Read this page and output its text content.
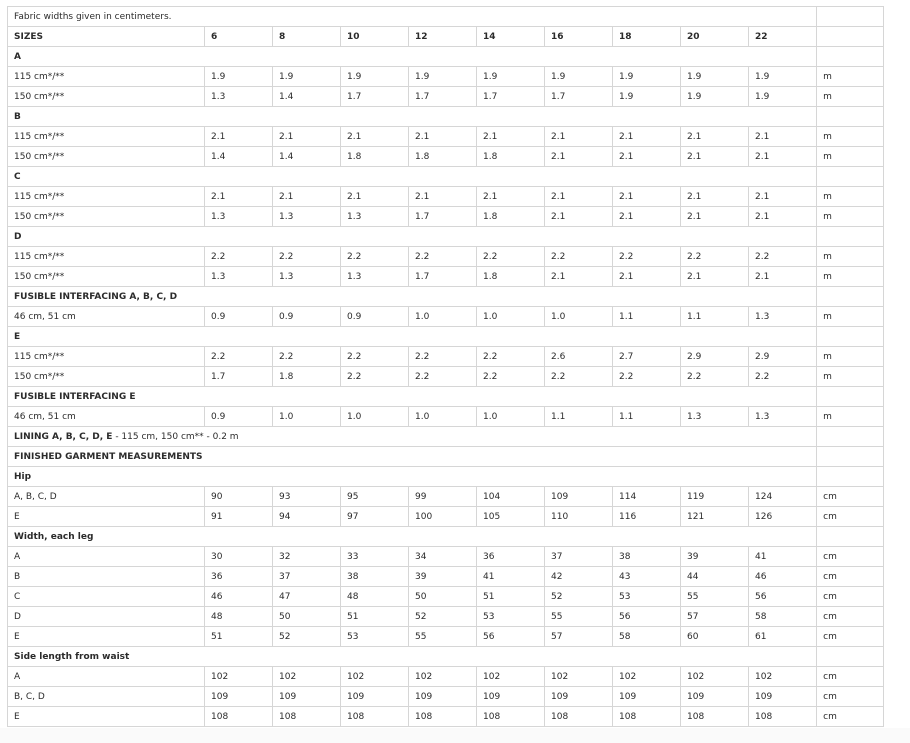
Fabric widths given in centimeters.										
SIZES	6	8	10	12	14	16	18	20	22	
A										
115 cm*/**	1.9	1.9	1.9	1.9	1.9	1.9	1.9	1.9	1.9	m
150 cm*/**	1.3	1.4	1.7	1.7	1.7	1.7	1.9	1.9	1.9	m
B										
115 cm*/**	2.1	2.1	2.1	2.1	2.1	2.1	2.1	2.1	2.1	m
150 cm*/**	1.4	1.4	1.8	1.8	1.8	2.1	2.1	2.1	2.1	m
C										
115 cm*/**	2.1	2.1	2.1	2.1	2.1	2.1	2.1	2.1	2.1	m
150 cm*/**	1.3	1.3	1.3	1.7	1.8	2.1	2.1	2.1	2.1	m
D										
115 cm*/**	2.2	2.2	2.2	2.2	2.2	2.2	2.2	2.2	2.2	m
150 cm*/**	1.3	1.3	1.3	1.7	1.8	2.1	2.1	2.1	2.1	m
FUSIBLE INTERFACING A, B, C, D										
46 cm, 51 cm	0.9	0.9	0.9	1.0	1.0	1.0	1.1	1.1	1.3	m
E										
115 cm*/**	2.2	2.2	2.2	2.2	2.2	2.6	2.7	2.9	2.9	m
150 cm*/**	1.7	1.8	2.2	2.2	2.2	2.2	2.2	2.2	2.2	m
FUSIBLE INTERFACING E										
46 cm, 51 cm	0.9	1.0	1.0	1.0	1.0	1.1	1.1	1.3	1.3	m
LINING A, B, C, D, E - 115 cm, 150 cm** - 0.2 m										
FINISHED GARMENT MEASUREMENTS										
Hip										
A, B, C, D	90	93	95	99	104	109	114	119	124	cm
E	91	94	97	100	105	110	116	121	126	cm
Width, each leg										
A	30	32	33	34	36	37	38	39	41	cm
B	36	37	38	39	41	42	43	44	46	cm
C	46	47	48	50	51	52	53	55	56	cm
D	48	50	51	52	53	55	56	57	58	cm
E	51	52	53	55	56	57	58	60	61	cm
Side length from waist										
A	102	102	102	102	102	102	102	102	102	cm
B, C, D	109	109	109	109	109	109	109	109	109	cm
E	108	108	108	108	108	108	108	108	108	cm
